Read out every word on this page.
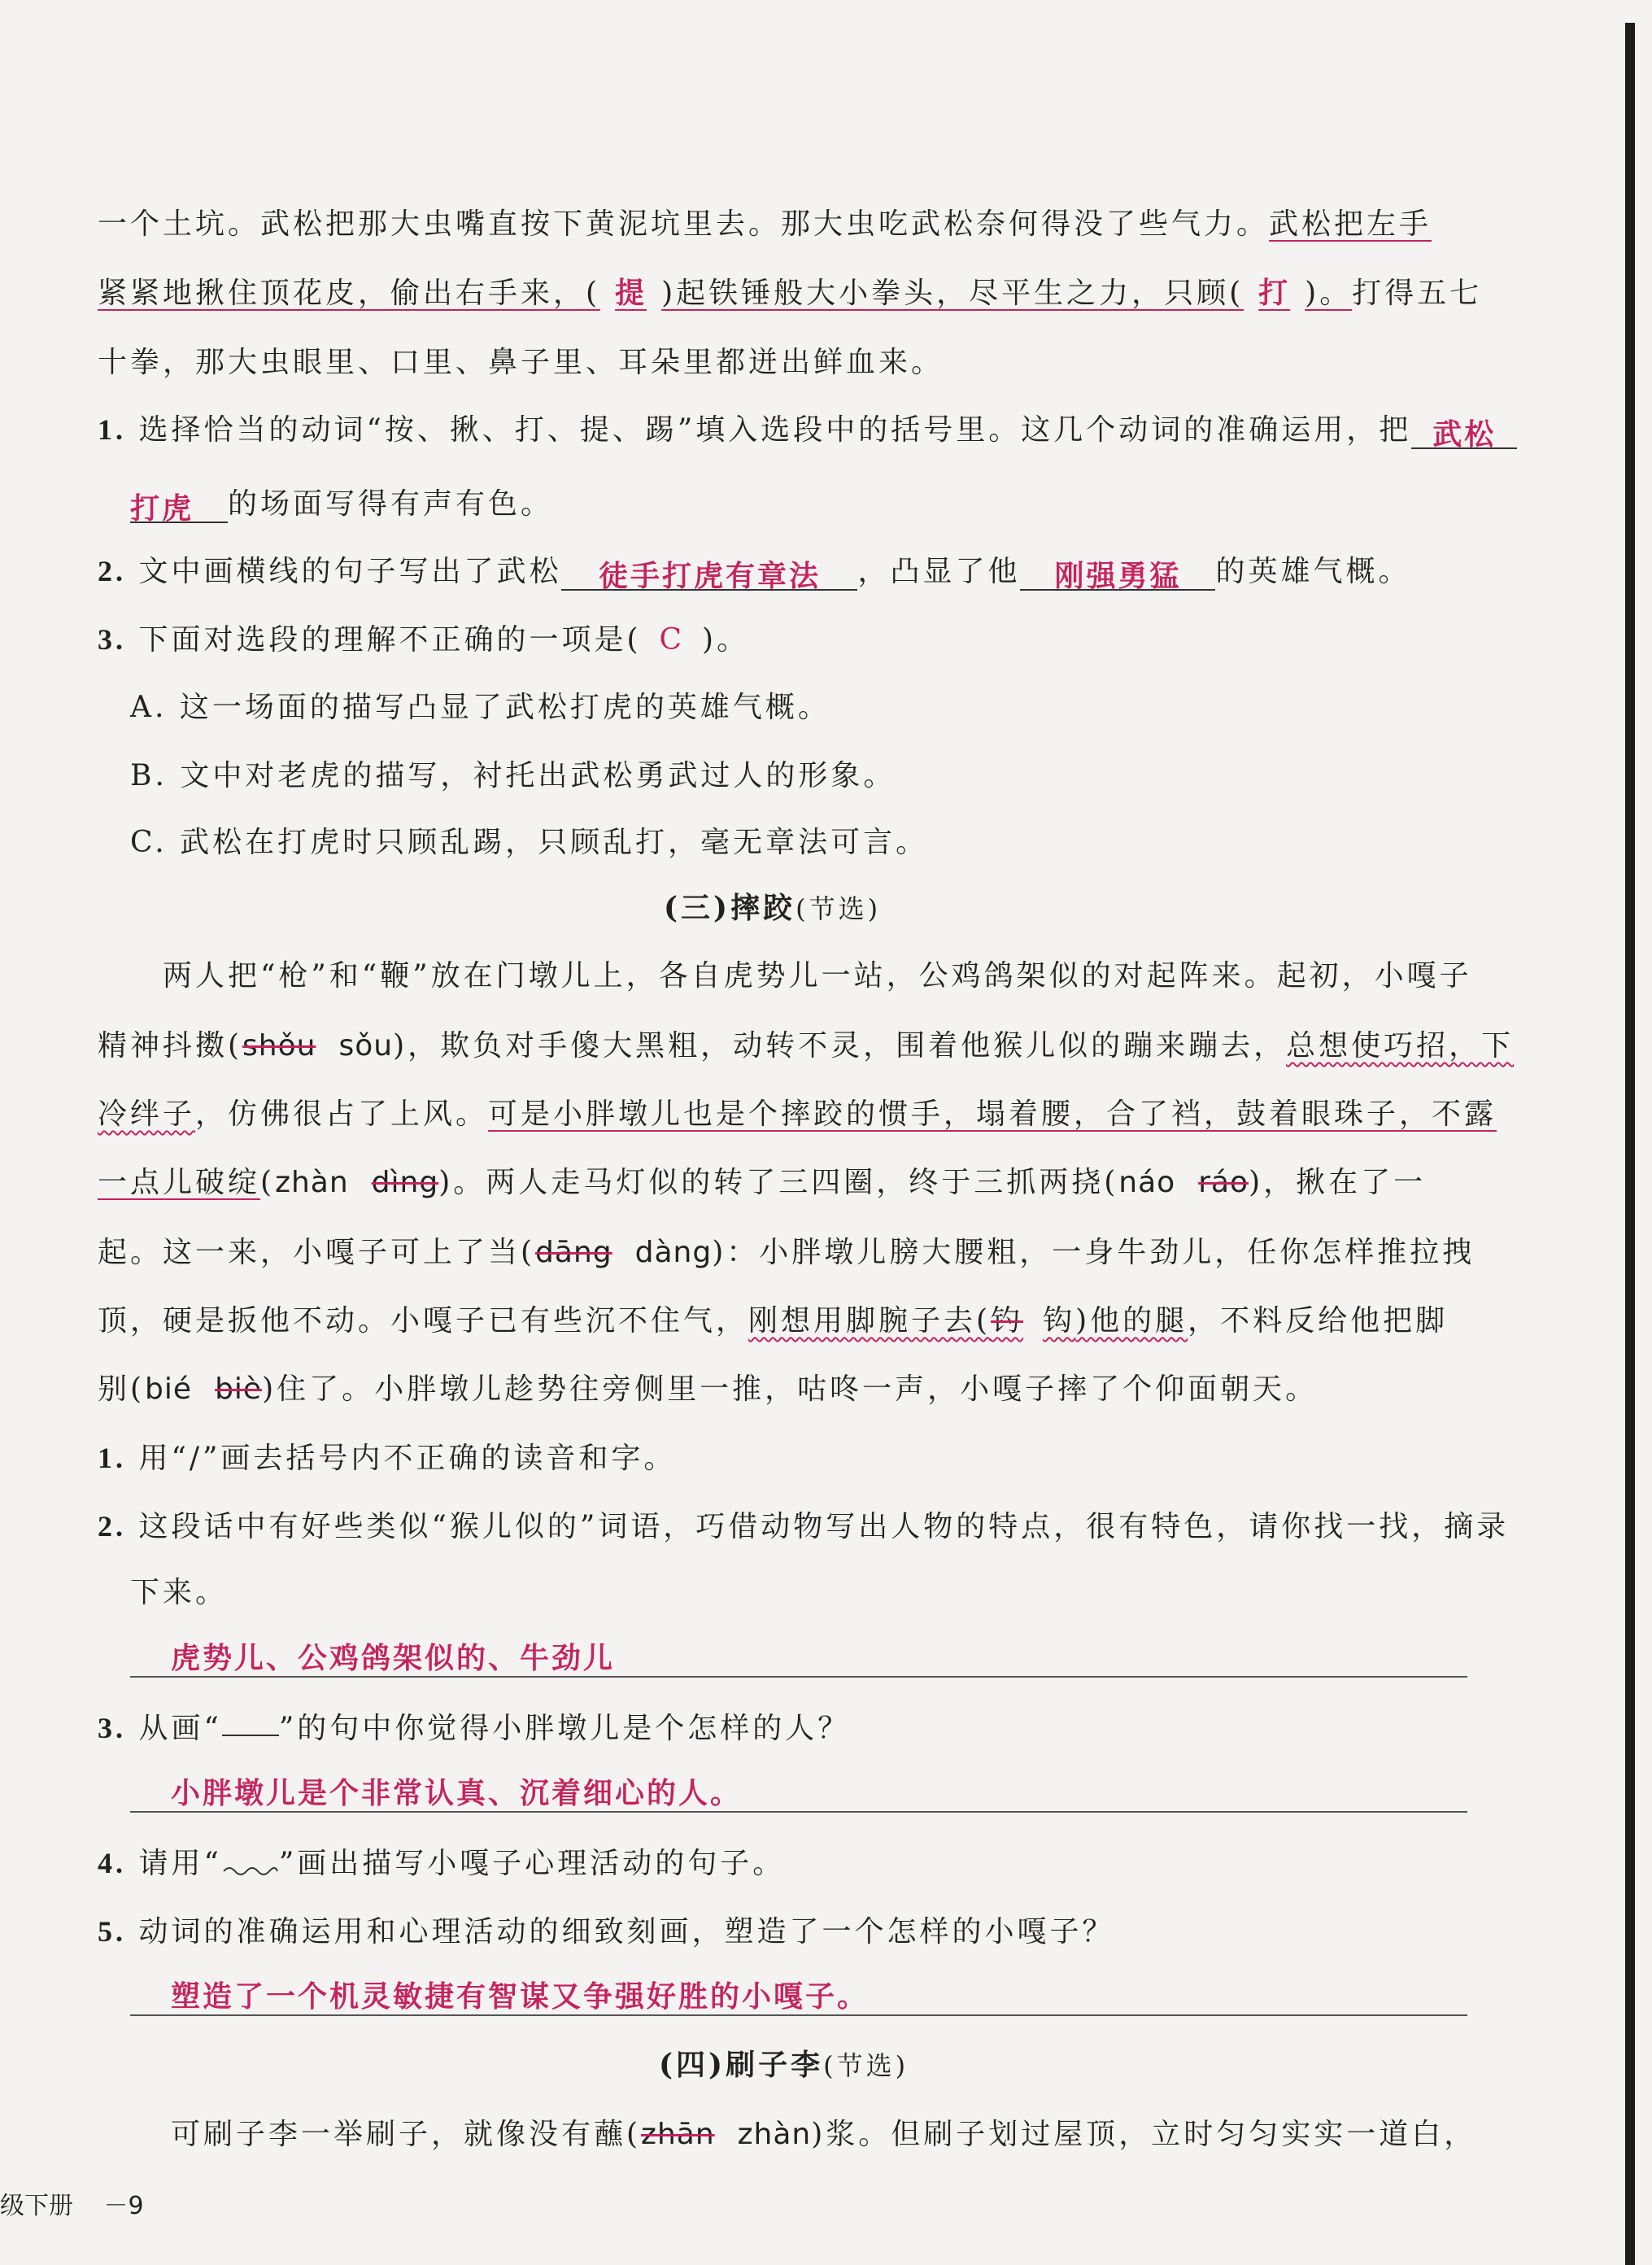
一个土坑。武松把那大虫嘴直按下黄泥坑里去。那大虫吃武松奈何得没了些气力。武松把左手
紧紧地揪住顶花皮，偷出右手来，( 提 )起铁锤般大小拳头，尽平生之力，只顾( 打 )。打得五七
十拳，那大虫眼里、口里、鼻子里、耳朵里都迸出鲜血来。
1. 选择恰当的动词“按、揪、打、提、踢”填入选段中的括号里。这几个动词的准确运用，把 武松
打虎 的场面写得有声有色。
2. 文中画横线的句子写出了武松 徒手打虎有章法 ，凸显了他 刚强勇猛 的英雄气概。
3. 下面对选段的理解不正确的一项是( C )。
A. 这一场面的描写凸显了武松打虎的英雄气概。
B. 文中对老虎的描写，衬托出武松勇武过人的形象。
C. 武松在打虎时只顾乱踢，只顾乱打，毫无章法可言。
(三)摔跤(节选)
两人把“枪”和“鞭”放在门墩儿上，各自虎势儿一站，公鸡鸽架似的对起阵来。起初，小嘎子
精神抖擞(shǒu sǒu)，欺负对手傻大黑粗，动转不灵，围着他猴儿似的蹦来蹦去，总想使巧招，下
冷绊子，仿佛很占了上风。可是小胖墩儿也是个摔跤的惯手，塌着腰，合了裆，鼓着眼珠子，不露
一点儿破绽(zhàn dìng)。两人走马灯似的转了三四圈，终于三抓两挠(náo ráo)，揪在了一
起。这一来，小嘎子可上了当(dāng dàng)：小胖墩儿膀大腰粗，一身牛劲儿，任你怎样推拉拽
顶，硬是扳他不动。小嘎子已有些沉不住气，刚想用脚腕子去(钓 钩)他的腿，不料反给他把脚
别(bié biè)住了。小胖墩儿趁势往旁侧里一推，咕咚一声，小嘎子摔了个仰面朝天。
1. 用“/”画去括号内不正确的读音和字。
2. 这段话中有好些类似“猴儿似的”词语，巧借动物写出人物的特点，很有特色，请你找一找，摘录
下来。
虎势儿、公鸡鸽架似的、牛劲儿
3. 从画“ ”的句中你觉得小胖墩儿是个怎样的人？
小胖墩儿是个非常认真、沉着细心的人。
4. 请用“ ”画出描写小嘎子心理活动的句子。
5. 动词的准确运用和心理活动的细致刻画，塑造了一个怎样的小嘎子？
塑造了一个机灵敏捷有智谋又争强好胜的小嘎子。
(四)刷子李(节选)
可刷子李一举刷子，就像没有蘸(zhān zhàn)浆。但刷子划过屋顶，立时匀匀实实一道白，
级下册 －9
